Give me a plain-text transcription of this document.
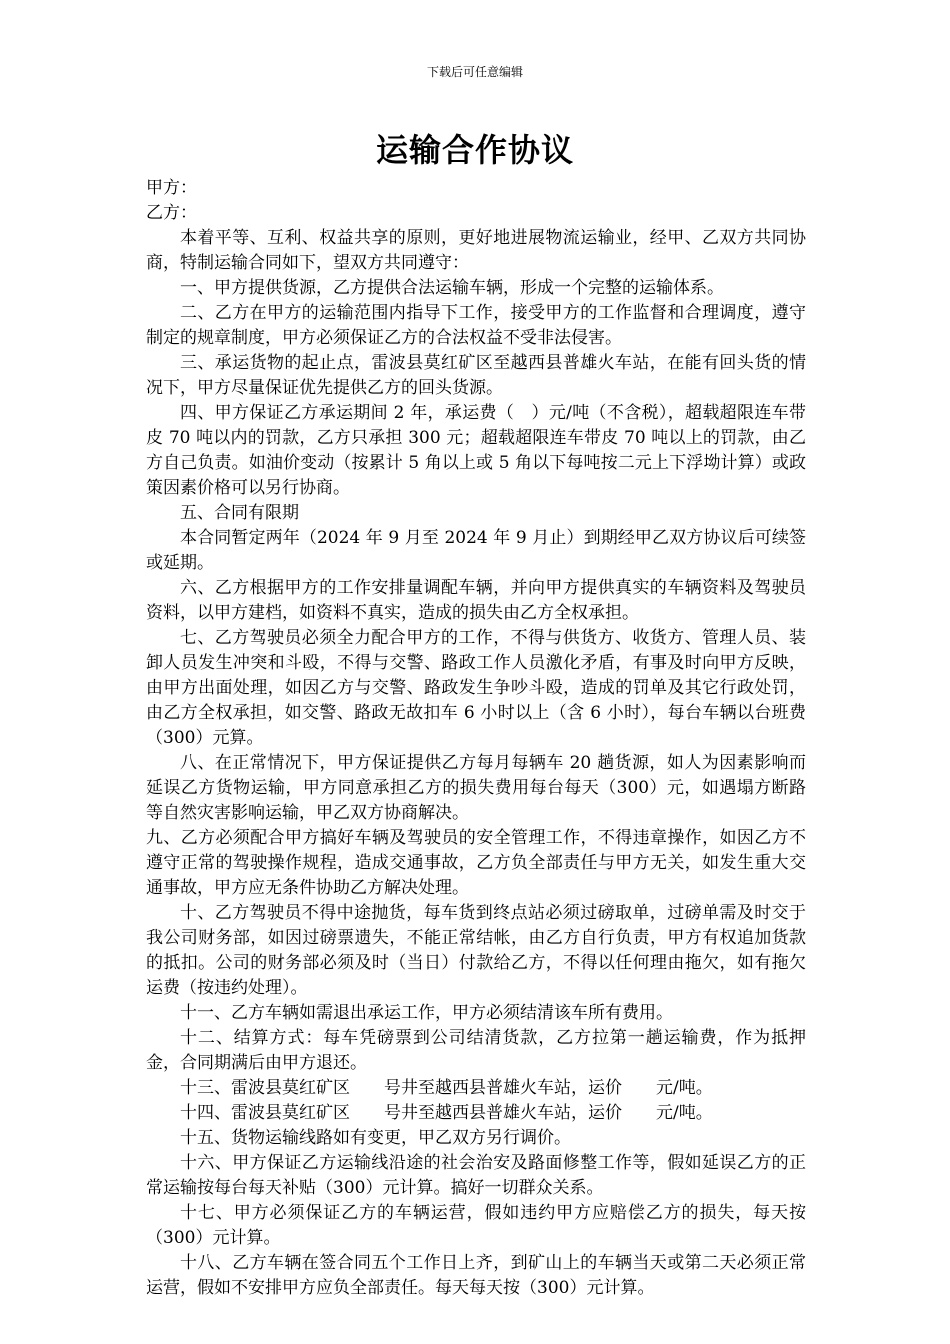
下载后可任意编辑
运输合作协议

甲方：

乙方：

本着平等、互利、权益共享的原则，更好地进展物流运输业，经甲、乙双方共同协商，特制运输合同如下，望双方共同遵守：

一、甲方提供货源，乙方提供合法运输车辆，形成一个完整的运输体系。

二、乙方在甲方的运输范围内指导下工作，接受甲方的工作监督和合理调度，遵守制定的规章制度，甲方必须保证乙方的合法权益不受非法侵害。

三、承运货物的起止点，雷波县莫红矿区至越西县普雄火车站，在能有回头货的情况下，甲方尽量保证优先提供乙方的回头货源。

四、甲方保证乙方承运期间 2 年，承运费（　）元/吨（不含税），超载超限连车带皮 70 吨以内的罚款，乙方只承担 300 元；超载超限连车带皮 70 吨以上的罚款，由乙方自己负责。如油价变动（按累计 5 角以上或 5 角以下每吨按二元上下浮坳计算）或政策因素价格可以另行协商。

五、合同有限期

本合同暂定两年（2024 年 9 月至 2024 年 9 月止）到期经甲乙双方协议后可续签或延期。

六、乙方根据甲方的工作安排量调配车辆，并向甲方提供真实的车辆资料及驾驶员资料，以甲方建档，如资料不真实，造成的损失由乙方全权承担。

七、乙方驾驶员必须全力配合甲方的工作，不得与供货方、收货方、管理人员、装卸人员发生冲突和斗殴，不得与交警、路政工作人员激化矛盾，有事及时向甲方反映，由甲方出面处理，如因乙方与交警、路政发生争吵斗殴，造成的罚单及其它行政处罚，由乙方全权承担，如交警、路政无故扣车 6 小时以上（含 6 小时），每台车辆以台班费（300）元算。

八、在正常情况下，甲方保证提供乙方每月每辆车 20 趟货源，如人为因素影响而延误乙方货物运输，甲方同意承担乙方的损失费用每台每天（300）元，如遇塌方断路等自然灾害影响运输，甲乙双方协商解决。

九、乙方必须配合甲方搞好车辆及驾驶员的安全管理工作，不得违章操作，如因乙方不遵守正常的驾驶操作规程，造成交通事故，乙方负全部责任与甲方无关，如发生重大交通事故，甲方应无条件协助乙方解决处理。

十、乙方驾驶员不得中途抛货，每车货到终点站必须过磅取单，过磅单需及时交于我公司财务部，如因过磅票遗失，不能正常结帐，由乙方自行负责，甲方有权追加货款的抵扣。公司的财务部必须及时（当日）付款给乙方，不得以任何理由拖欠，如有拖欠运费（按违约处理）。

十一、乙方车辆如需退出承运工作，甲方必须结清该车所有费用。

十二、结算方式：每车凭磅票到公司结清货款，乙方拉第一趟运输费，作为抵押金，合同期满后由甲方退还。

十三、雷波县莫红矿区　　号井至越西县普雄火车站，运价　　元/吨。

十四、雷波县莫红矿区　　号井至越西县普雄火车站，运价　　元/吨。

十五、货物运输线路如有变更，甲乙双方另行调价。

十六、甲方保证乙方运输线沿途的社会治安及路面修整工作等，假如延误乙方的正常运输按每台每天补贴（300）元计算。搞好一切群众关系。

十七、甲方必须保证乙方的车辆运营，假如违约甲方应赔偿乙方的损失，每天按（300）元计算。

十八、乙方车辆在签合同五个工作日上齐，到矿山上的车辆当天或第二天必须正常运营，假如不安排甲方应负全部责任。每天每天按（300）元计算。
